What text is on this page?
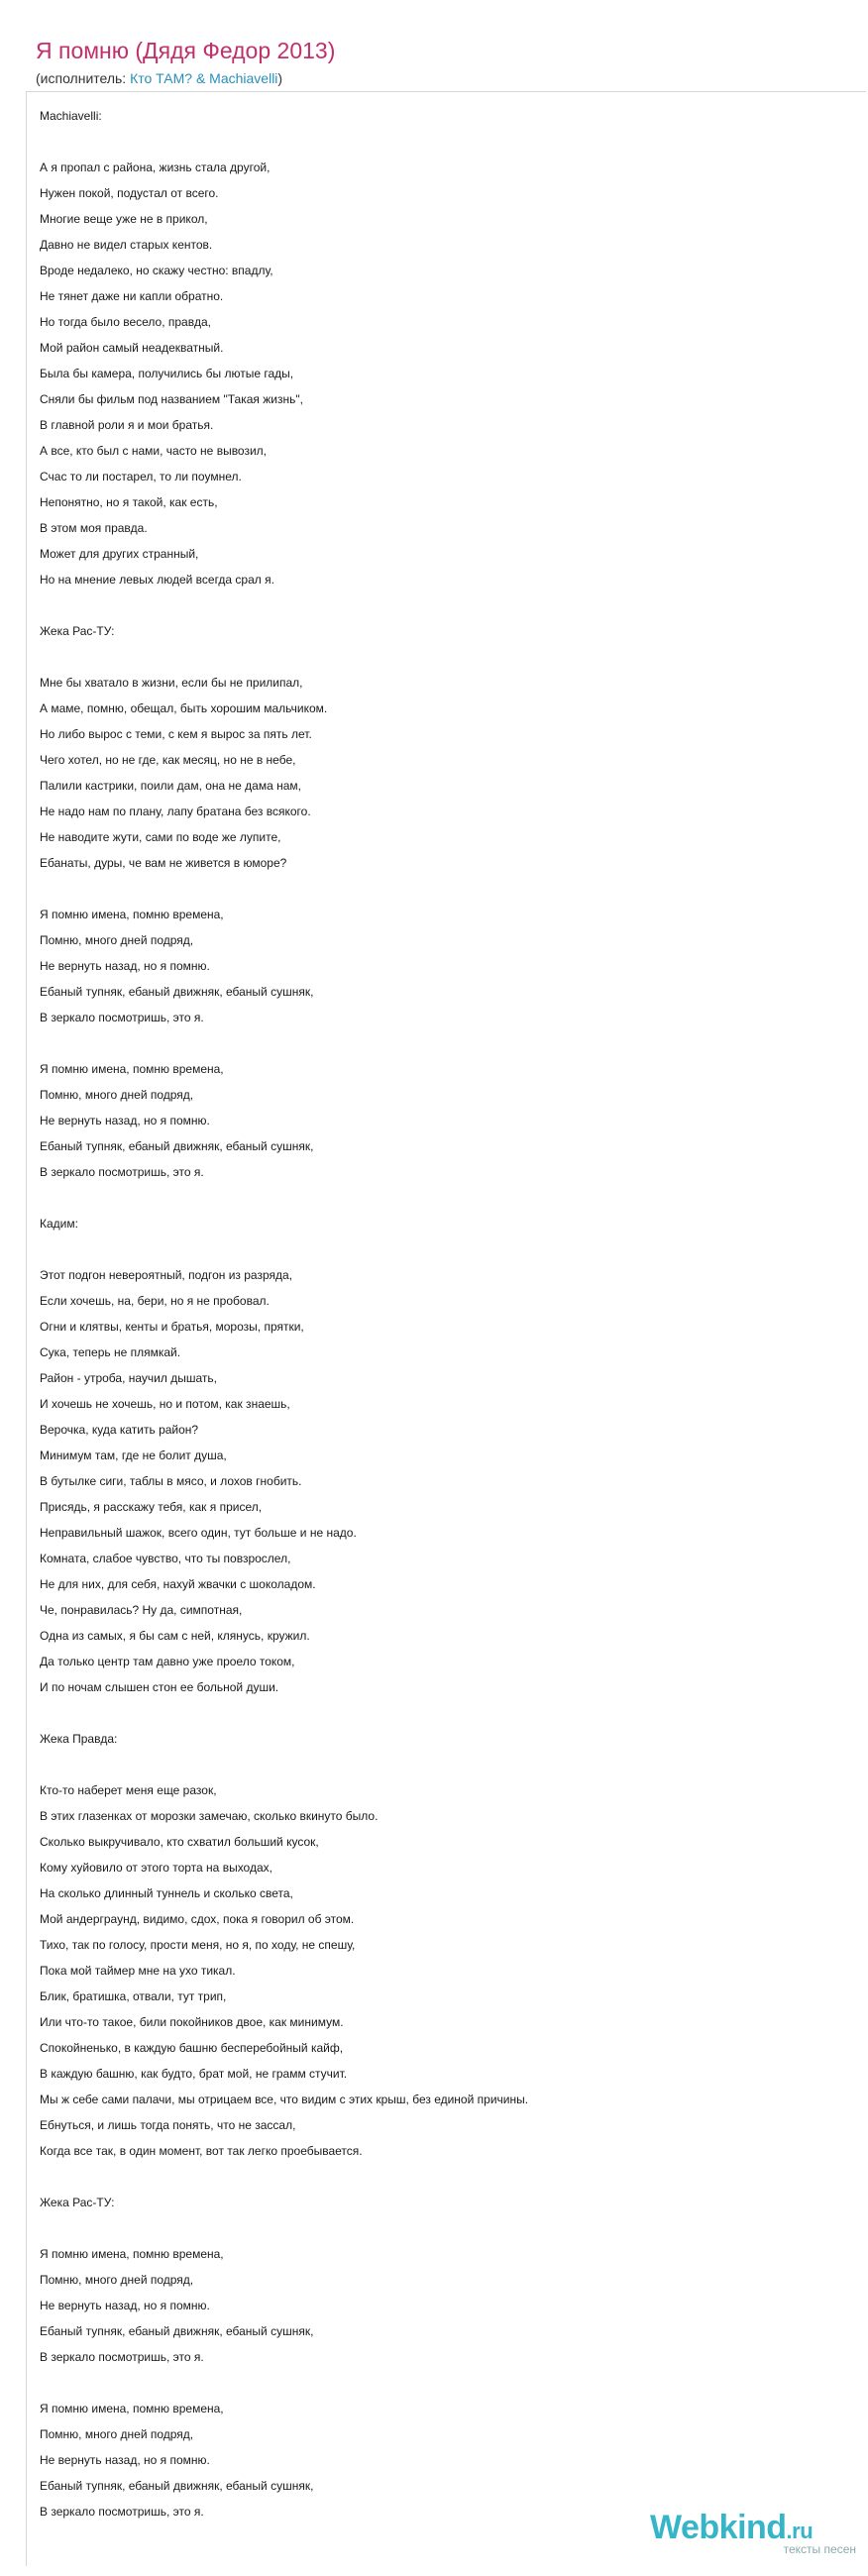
Я помню (Дядя Федор 2013)
(исполнитель: Кто ТАМ? & Machiavelli)
Machiavelli:
А я пропал с района, жизнь стала другой,
Нужен покой, подустал от всего.
Многие веще уже не в прикол,
Давно не видел старых кентов.
Вроде недалеко, но скажу честно: впадлу,
Не тянет даже ни капли обратно.
Но тогда было весело, правда,
Мой район самый неадекватный.
Была бы камера, получились бы лютые гады,
Сняли бы фильм под названием "Такая жизнь",
В главной роли я и мои братья.
А все, кто был с нами, часто не вывозил,
Счас то ли постарел, то ли поумнел.
Непонятно, но я такой, как есть,
В этом моя правда.
Может для других странный,
Но на мнение левых людей всегда срал я.
Жека Рас-ТУ:
Мне бы хватало в жизни, если бы не прилипал,
А маме, помню, обещал, быть хорошим мальчиком.
Но либо вырос с теми, с кем я вырос за пять лет.
Чего хотел, но не где, как месяц, но не в небе,
Палили кастрики, поили дам, она не дама нам,
Не надо нам по плану, лапу братана без всякого.
Не наводите жути, сами по воде же лупите,
Ебанаты, дуры, че вам не живется в юморе?
Я помню имена, помню времена,
Помню, много дней подряд,
Не вернуть назад, но я помню.
Ебаный тупняк, ебаный движняк, ебаный сушняк,
В зеркало посмотришь, это я.
Я помню имена, помню времена,
Помню, много дней подряд,
Не вернуть назад, но я помню.
Ебаный тупняк, ебаный движняк, ебаный сушняк,
В зеркало посмотришь, это я.
Кадим:
Этот подгон невероятный, подгон из разряда,
Если хочешь, на, бери, но я не пробовал.
Огни и клятвы, кенты и братья, морозы, прятки,
Сука, теперь не плямкай.
Район - утроба, научил дышать,
И хочешь не хочешь, но и потом, как знаешь,
Верочка, куда катить район?
Минимум там, где не болит душа,
В бутылке сиги, таблы в мясо, и лохов гнобить.
Присядь, я расскажу тебя, как я присел,
Неправильный шажок, всего один, тут больше и не надо.
Комната, слабое чувство, что ты повзрослел,
Не для них, для себя, нахуй жвачки с шоколадом.
Че, понравилась? Ну да, симпотная,
Одна из самых, я бы сам с ней, клянусь, кружил.
Да только центр там давно уже проело током,
И по ночам слышен стон ее больной души.
Жека Правда:
Кто-то наберет меня еще разок,
В этих глазенках от морозки замечаю, сколько вкинуто было.
Сколько выкручивало, кто схватил больший кусок,
Кому хуйовило от этого торта на выходах,
На сколько длинный туннель и сколько света,
Мой андерграунд, видимо, сдох, пока я говорил об этом.
Тихо, так по голосу, прости меня, но я, по ходу, не спешу,
Пока мой таймер мне на ухо тикал.
Блик, братишка, отвали, тут трип,
Или что-то такое, били покойников двое, как минимум.
Спокойненько, в каждую башню бесперебойный кайф,
В каждую башню, как будто, брат мой, не грамм стучит.
Мы ж себе сами палачи, мы отрицаем все, что видим с этих крыш, без единой причины.
Ебнуться, и лишь тогда понять, что не зассал,
Когда все так, в один момент, вот так легко проебывается.
Жека Рас-ТУ:
Я помню имена, помню времена,
Помню, много дней подряд,
Не вернуть назад, но я помню.
Ебаный тупняк, ебаный движняк, ебаный сушняк,
В зеркало посмотришь, это я.
Я помню имена, помню времена,
Помню, много дней подряд,
Не вернуть назад, но я помню.
Ебаный тупняк, ебаный движняк, ебаный сушняк,
В зеркало посмотришь, это я.	Webkind.ru
тексты песен
